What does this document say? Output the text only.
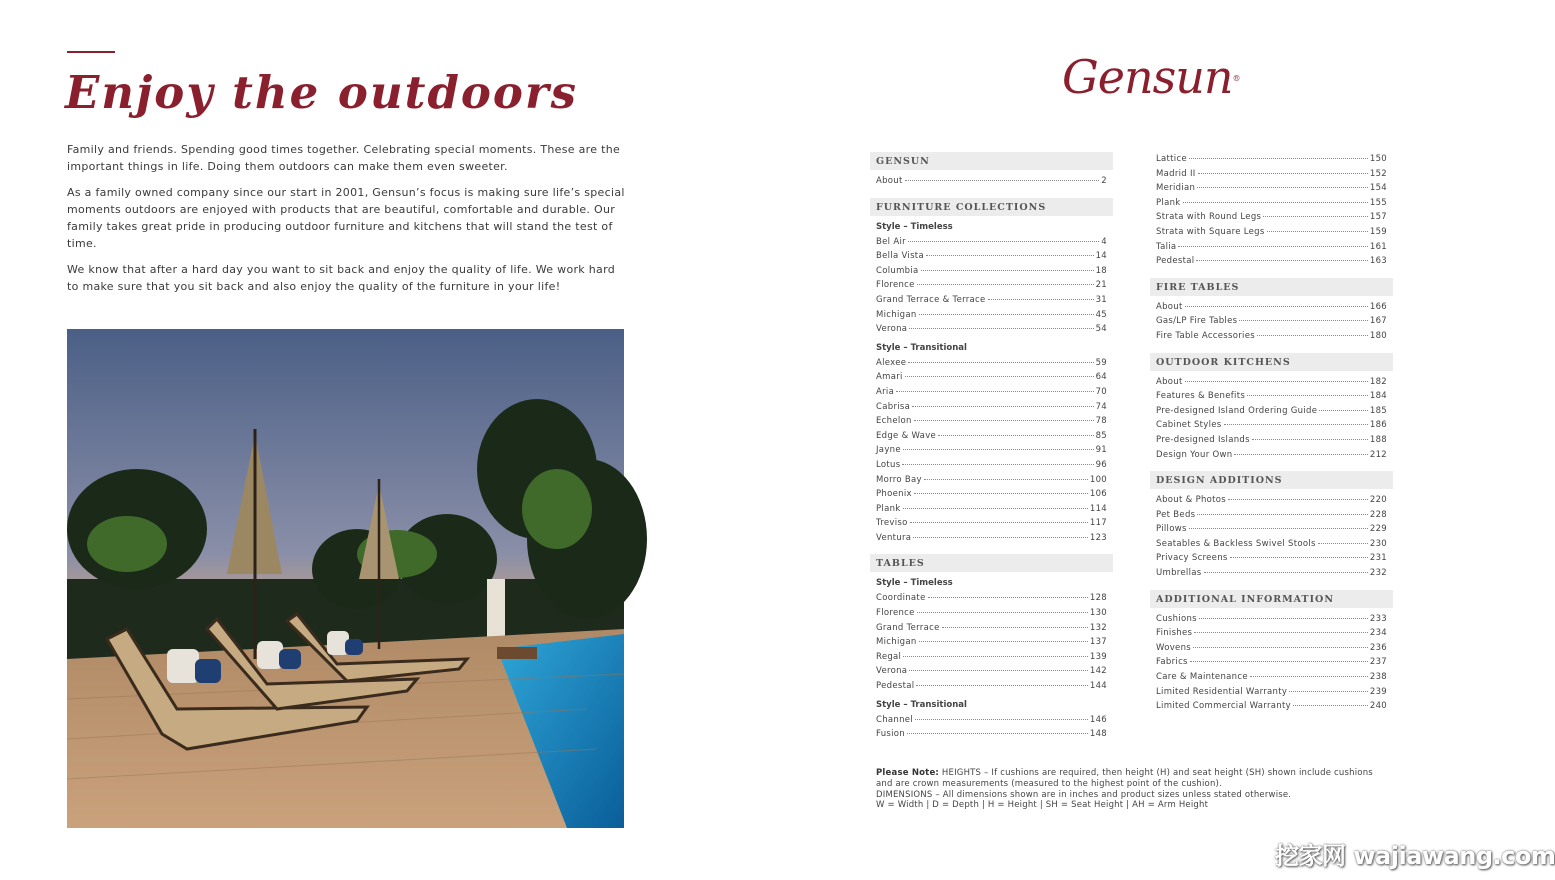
Enjoy the outdoors

Family and friends. Spending good times together. Celebrating special moments. These are the important things in life. Doing them outdoors can make them even sweeter.

As a family owned company since our start in 2001, Gensun’s focus is making sure life’s special moments outdoors are enjoyed with products that are beautiful, comfortable and durable. Our family takes great pride in producing outdoor furniture and kitchens that will stand the test of time.

We know that after a hard day you want to sit back and enjoy the quality of life. We work hard to make sure that you sit back and also enjoy the quality of the furniture in your life!

Gensun®
GENSUN
About	2
FURNITURE COLLECTIONS
Style – Timeless
Bel Air	4
Bella Vista	14
Columbia	18
Florence	21
Grand Terrace & Terrace	31
Michigan	45
Verona	54
Style – Transitional
Alexee	59
Amari	64
Aria	70
Cabrisa	74
Echelon	78
Edge & Wave	85
Jayne	91
Lotus	96
Morro Bay	100
Phoenix	106
Plank	114
Treviso	117
Ventura	123
TABLES
Style – Timeless
Coordinate	128
Florence	130
Grand Terrace	132
Michigan	137
Regal	139
Verona	142
Pedestal	144
Style – Transitional
Channel	146
Fusion	148
Lattice	150
Madrid II	152
Meridian	154
Plank	155
Strata with Round Legs	157
Strata with Square Legs	159
Talia	161
Pedestal	163
FIRE TABLES
About	166
Gas/LP Fire Tables	167
Fire Table Accessories	180
OUTDOOR KITCHENS
About	182
Features & Benefits	184
Pre-designed Island Ordering Guide	185
Cabinet Styles	186
Pre-designed Islands	188
Design Your Own	212
DESIGN ADDITIONS
About & Photos	220
Pet Beds	228
Pillows	229
Seatables & Backless Swivel Stools	230
Privacy Screens	231
Umbrellas	232
ADDITIONAL INFORMATION
Cushions	233
Finishes	234
Wovens	236
Fabrics	237
Care & Maintenance	238
Limited Residential Warranty	239
Limited Commercial Warranty	240
Please Note: HEIGHTS – If cushions are required, then height (H) and seat height (SH) shown include cushions and are crown measurements (measured to the highest point of the cushion).
DIMENSIONS – All dimensions shown are in inches and product sizes unless stated otherwise.
W = Width | D = Depth | H = Height | SH = Seat Height | AH = Arm Height
挖家网 wajiawang.com
